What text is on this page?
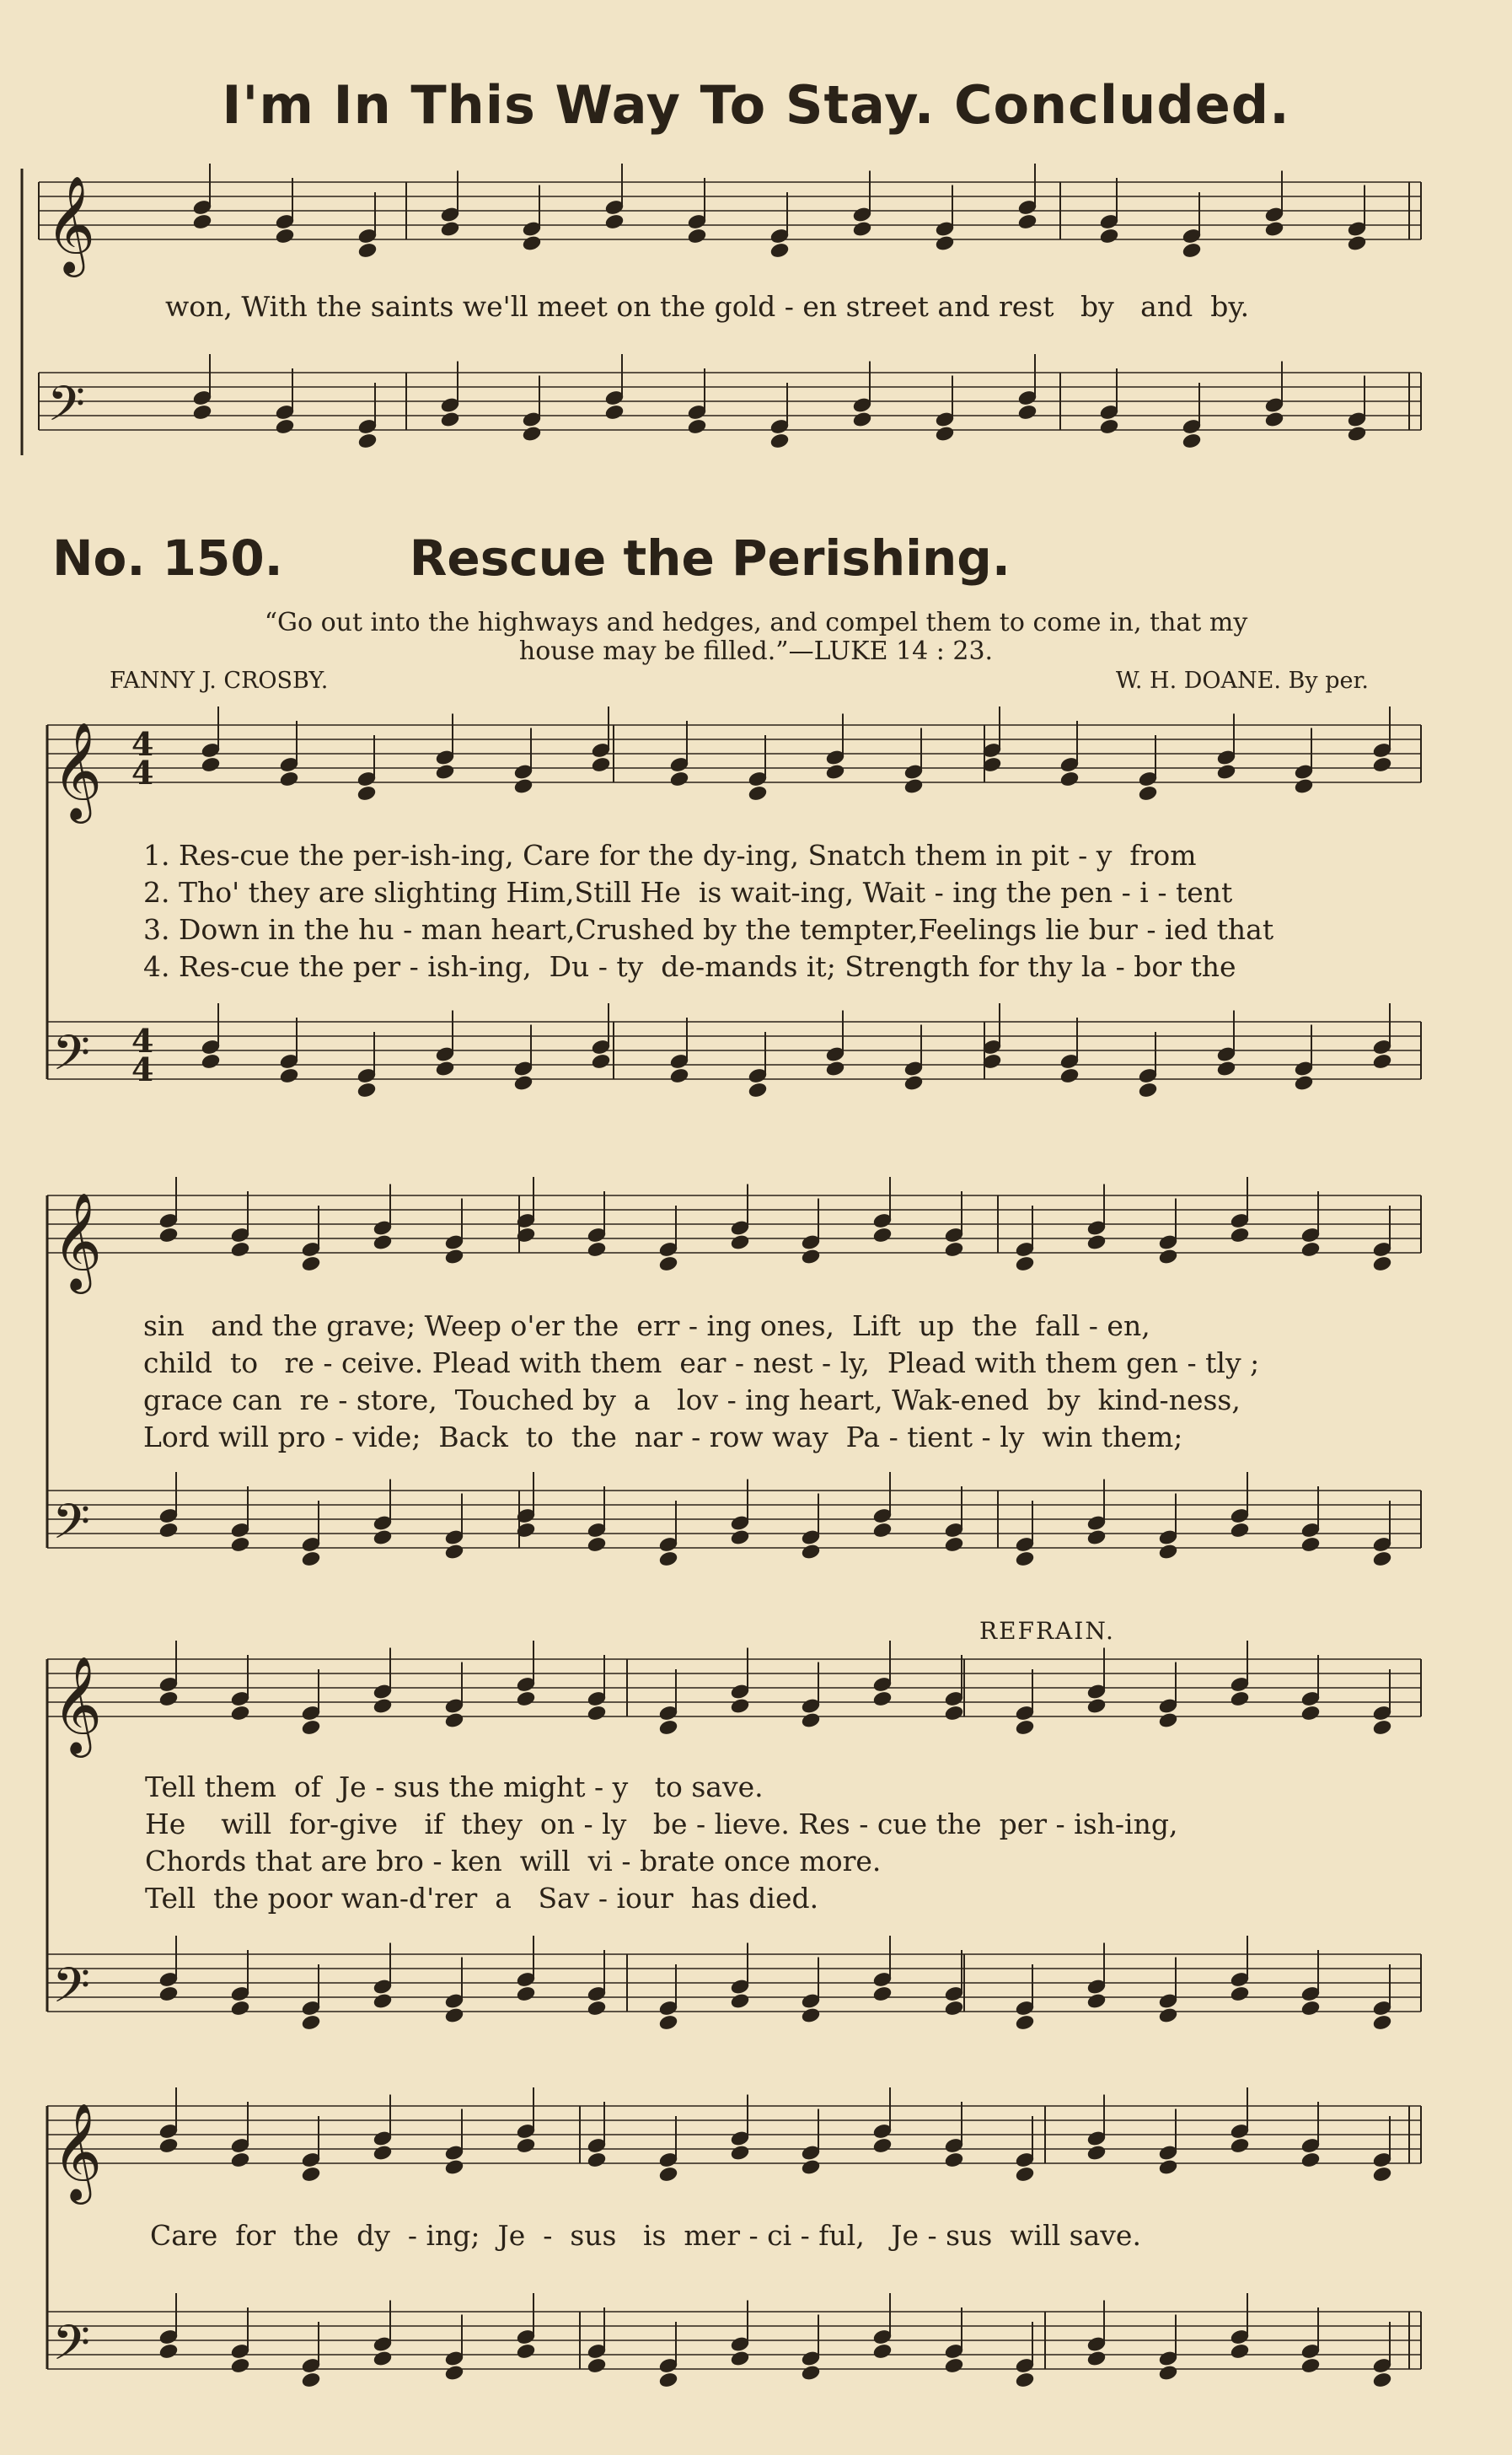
I'm In This Way To Stay. Concluded.
𝄞
𝄢
𝄞
𝄢
𝄞
𝄢
𝄞
𝄢
𝄞
𝄢
4
4
4
4
won, With the saints we'll meet on the gold - en street and rest   by   and  by.
No. 150.	Rescue the Perishing.
“Go out into the highways and hedges, and compel them to come in, that my
house may be filled.”—LUKE 14 : 23.
FANNY J. CROSBY.	W. H. DOANE. By per.
1. Res-cue the per-ish-ing, Care for the dy-ing, Snatch them in pit - y  from
2. Tho' they are slighting Him,Still He  is wait-ing, Wait - ing the pen - i - tent
3. Down in the hu - man heart,Crushed by the tempter,Feelings lie bur - ied that
4. Res-cue the per - ish-ing,  Du - ty  de-mands it; Strength for thy la - bor the
sin   and the grave; Weep o'er the  err - ing ones,  Lift  up  the  fall - en,
child  to   re - ceive. Plead with them  ear - nest - ly,  Plead with them gen - tly ;
grace can  re - store,  Touched by  a   lov - ing heart, Wak-ened  by  kind-ness,
Lord will pro - vide;  Back  to  the  nar - row way  Pa - tient - ly  win them;
REFRAIN.
Tell them  of  Je - sus the might - y   to save.
He    will  for-give   if  they  on - ly   be - lieve. Res - cue the  per - ish-ing,
Chords that are bro - ken  will  vi - brate once more.
Tell  the poor wan-d'rer  a   Sav - iour  has died.
Care  for  the  dy  - ing;  Je  -  sus   is  mer - ci - ful,   Je - sus  will save.
